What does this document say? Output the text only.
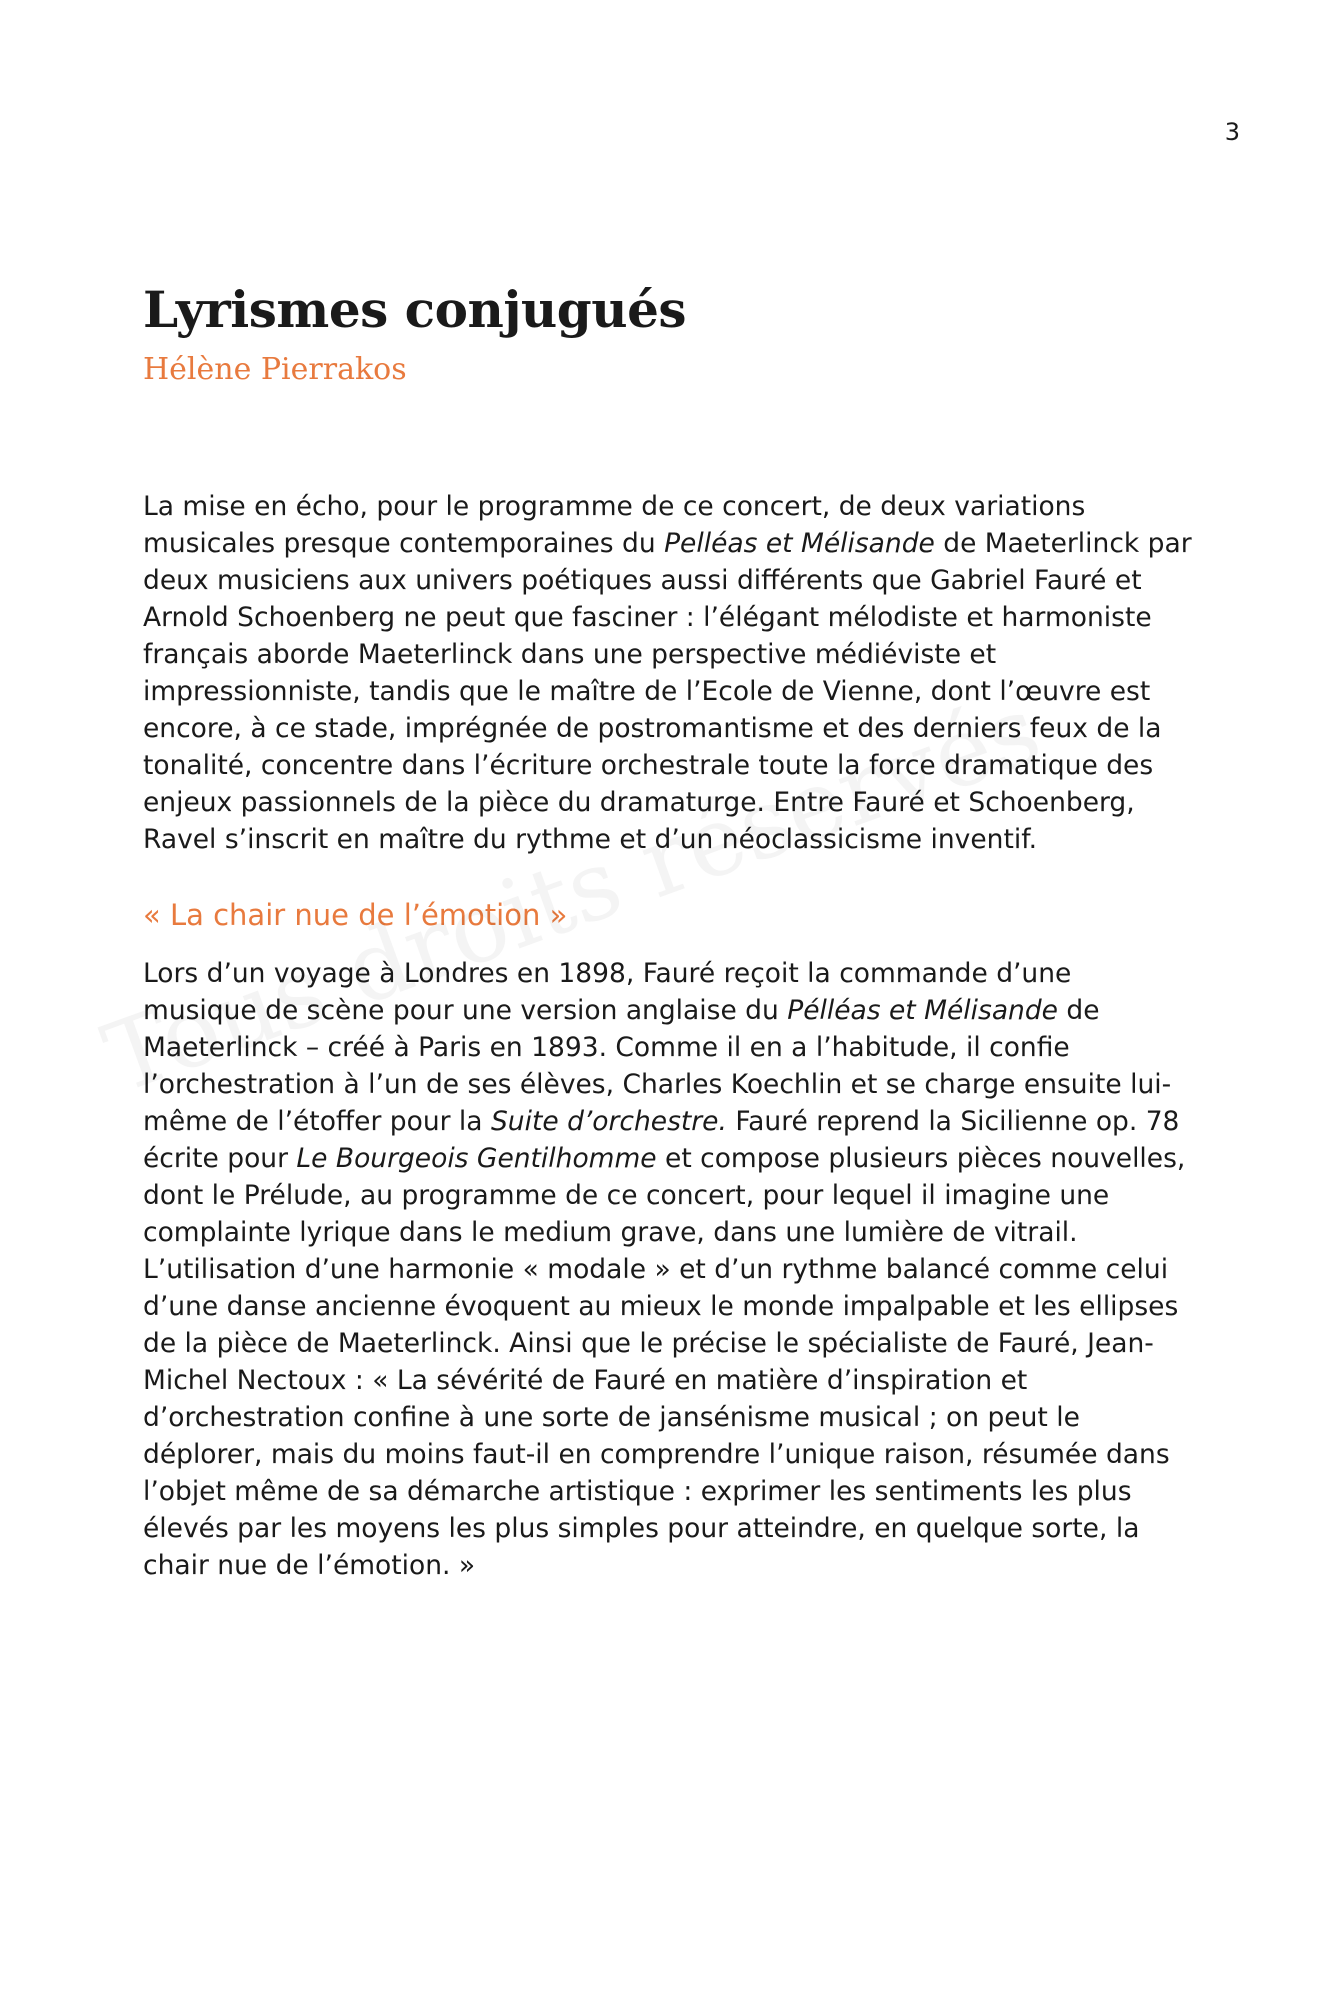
3
Lyrismes conjugués
Hélène Pierrakos

La mise en écho, pour le programme de ce concert, de deux variations musicales presque contemporaines du Pelléas et Mélisande de Maeterlinck par deux musiciens aux univers poétiques aussi différents que Gabriel Fauré et Arnold Schoenberg ne peut que fasciner : l’élégant mélodiste et harmoniste français aborde Maeterlinck dans une perspective médiéviste et impressionniste, tandis que le maître de l’Ecole de Vienne, dont l’œuvre est encore, à ce stade, imprégnée de postromantisme et des derniers feux de la tonalité, concentre dans l’écriture orchestrale toute la force dramatique des enjeux passionnels de la pièce du dramaturge. Entre Fauré et Schoenberg, Ravel s’inscrit en maître du rythme et d’un néoclassicisme inventif.

« La chair nue de l’émotion »

Lors d’un voyage à Londres en 1898, Fauré reçoit la commande d’une musique de scène pour une version anglaise du Pélléas et Mélisande de Maeterlinck – créé à Paris en 1893. Comme il en a l’habitude, il confie l’orchestration à l’un de ses élèves, Charles Koechlin et se charge ensuite lui-même de l’étoffer pour la Suite d’orchestre. Fauré reprend la Sicilienne op. 78 écrite pour Le Bourgeois Gentilhomme et compose plusieurs pièces nouvelles, dont le Prélude, au programme de ce concert, pour lequel il imagine une complainte lyrique dans le medium grave, dans une lumière de vitrail. L’utilisation d’une harmonie « modale » et d’un rythme balancé comme celui d’une danse ancienne évoquent au mieux le monde impalpable et les ellipses de la pièce de Maeterlinck. Ainsi que le précise le spécialiste de Fauré, Jean-Michel Nectoux : « La sévérité de Fauré en matière d’inspiration et d’orchestration confine à une sorte de jansénisme musical ; on peut le déplorer, mais du moins faut-il en comprendre l’unique raison, résumée dans l’objet même de sa démarche artistique : exprimer les sentiments les plus élevés par les moyens les plus simples pour atteindre, en quelque sorte, la chair nue de l’émotion. »
